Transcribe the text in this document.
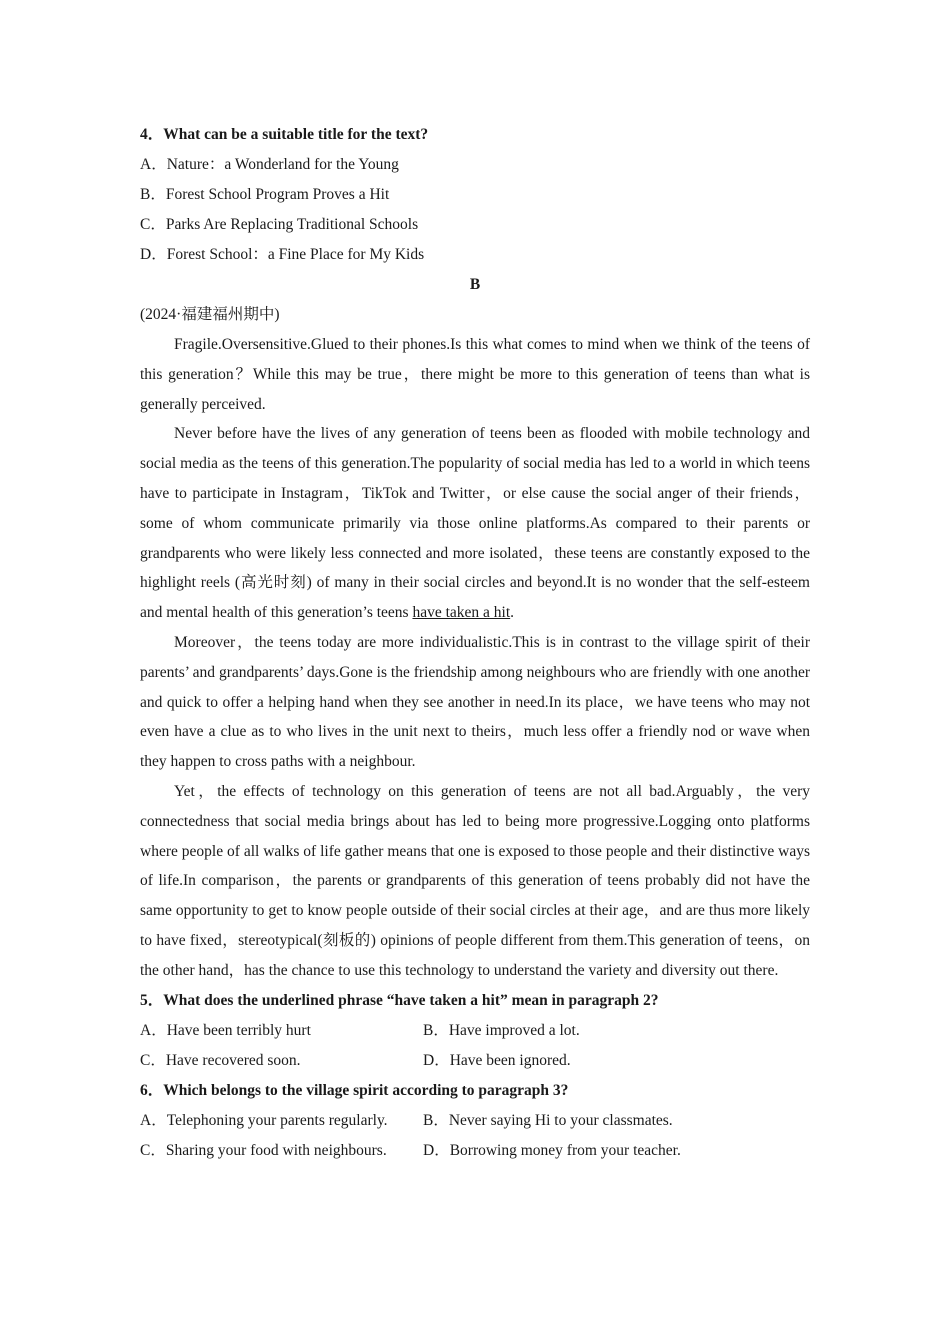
4．What can be a suitable title for the text?

A．Nature：a Wonderland for the Young

B．Forest School Program Proves a Hit

C．Parks Are Replacing Traditional Schools

D．Forest School：a Fine Place for My Kids

B

(2024·福建福州期中)

Fragile.Oversensitive.Glued to their phones.Is this what comes to mind when we think of the teens of this generation？While this may be true，there might be more to this generation of teens than what is generally perceived.

Never before have the lives of any generation of teens been as flooded with mobile technology and social media as the teens of this generation.The popularity of social media has led to a world in which teens have to participate in Instagram，TikTok and Twitter，or else cause the social anger of their friends，some of whom communicate primarily via those online platforms.As compared to their parents or grandparents who were likely less connected and more isolated，these teens are constantly exposed to the highlight reels (高光时刻) of many in their social circles and beyond.It is no wonder that the self-esteem and mental health of this generation’s teens have taken a hit.

Moreover，the teens today are more individualistic.This is in contrast to the village spirit of their parents’ and grandparents’ days.Gone is the friendship among neighbours who are friendly with one another and quick to offer a helping hand when they see another in need.In its place，we have teens who may not even have a clue as to who lives in the unit next to theirs，much less offer a friendly nod or wave when they happen to cross paths with a neighbour.

Yet，the effects of technology on this generation of teens are not all bad.Arguably，the very connectedness that social media brings about has led to being more progressive.Logging onto platforms where people of all walks of life gather means that one is exposed to those people and their distinctive ways of life.In comparison，the parents or grandparents of this generation of teens probably did not have the same opportunity to get to know people outside of their social circles at their age，and are thus more likely to have fixed，stereotypical(刻板的) opinions of people different from them.This generation of teens，on the other hand，has the chance to use this technology to understand the variety and diversity out there.

5．What does the underlined phrase “have taken a hit” mean in paragraph 2?

A．Have been terribly hurt	B．Have improved a lot.
C．Have recovered soon.	D．Have been ignored.

6．Which belongs to the village spirit according to paragraph 3?

A．Telephoning your parents regularly.	B．Never saying Hi to your classmates.
C．Sharing your food with neighbours.	D．Borrowing money from your teacher.
